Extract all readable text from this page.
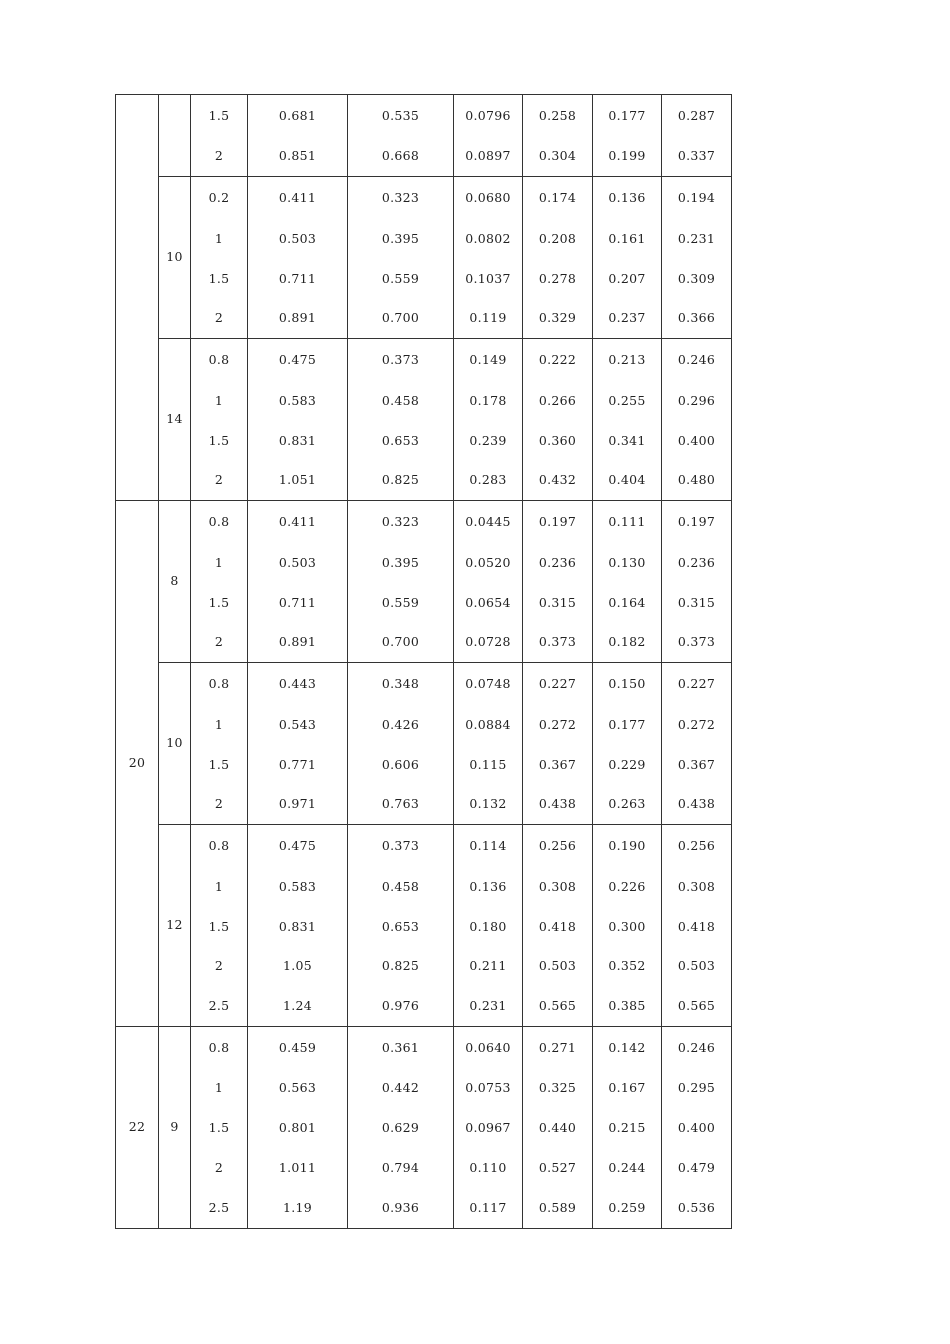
		1.5	0.681	0.535	0.0796	0.258	0.177	0.287
		2	0.851	0.668	0.0897	0.304	0.199	0.337
	10	0.2	0.411	0.323	0.0680	0.174	0.136	0.194
		1	0.503	0.395	0.0802	0.208	0.161	0.231
		1.5	0.711	0.559	0.1037	0.278	0.207	0.309
		2	0.891	0.700	0.119	0.329	0.237	0.366
	14	0.8	0.475	0.373	0.149	0.222	0.213	0.246
		1	0.583	0.458	0.178	0.266	0.255	0.296
		1.5	0.831	0.653	0.239	0.360	0.341	0.400
		2	1.051	0.825	0.283	0.432	0.404	0.480
20	8	0.8	0.411	0.323	0.0445	0.197	0.111	0.197
		1	0.503	0.395	0.0520	0.236	0.130	0.236
		1.5	0.711	0.559	0.0654	0.315	0.164	0.315
		2	0.891	0.700	0.0728	0.373	0.182	0.373
	10	0.8	0.443	0.348	0.0748	0.227	0.150	0.227
		1	0.543	0.426	0.0884	0.272	0.177	0.272
		1.5	0.771	0.606	0.115	0.367	0.229	0.367
		2	0.971	0.763	0.132	0.438	0.263	0.438
	12	0.8	0.475	0.373	0.114	0.256	0.190	0.256
		1	0.583	0.458	0.136	0.308	0.226	0.308
		1.5	0.831	0.653	0.180	0.418	0.300	0.418
		2	1.05	0.825	0.211	0.503	0.352	0.503
		2.5	1.24	0.976	0.231	0.565	0.385	0.565
22	9	0.8	0.459	0.361	0.0640	0.271	0.142	0.246
		1	0.563	0.442	0.0753	0.325	0.167	0.295
		1.5	0.801	0.629	0.0967	0.440	0.215	0.400
		2	1.011	0.794	0.110	0.527	0.244	0.479
		2.5	1.19	0.936	0.117	0.589	0.259	0.536
